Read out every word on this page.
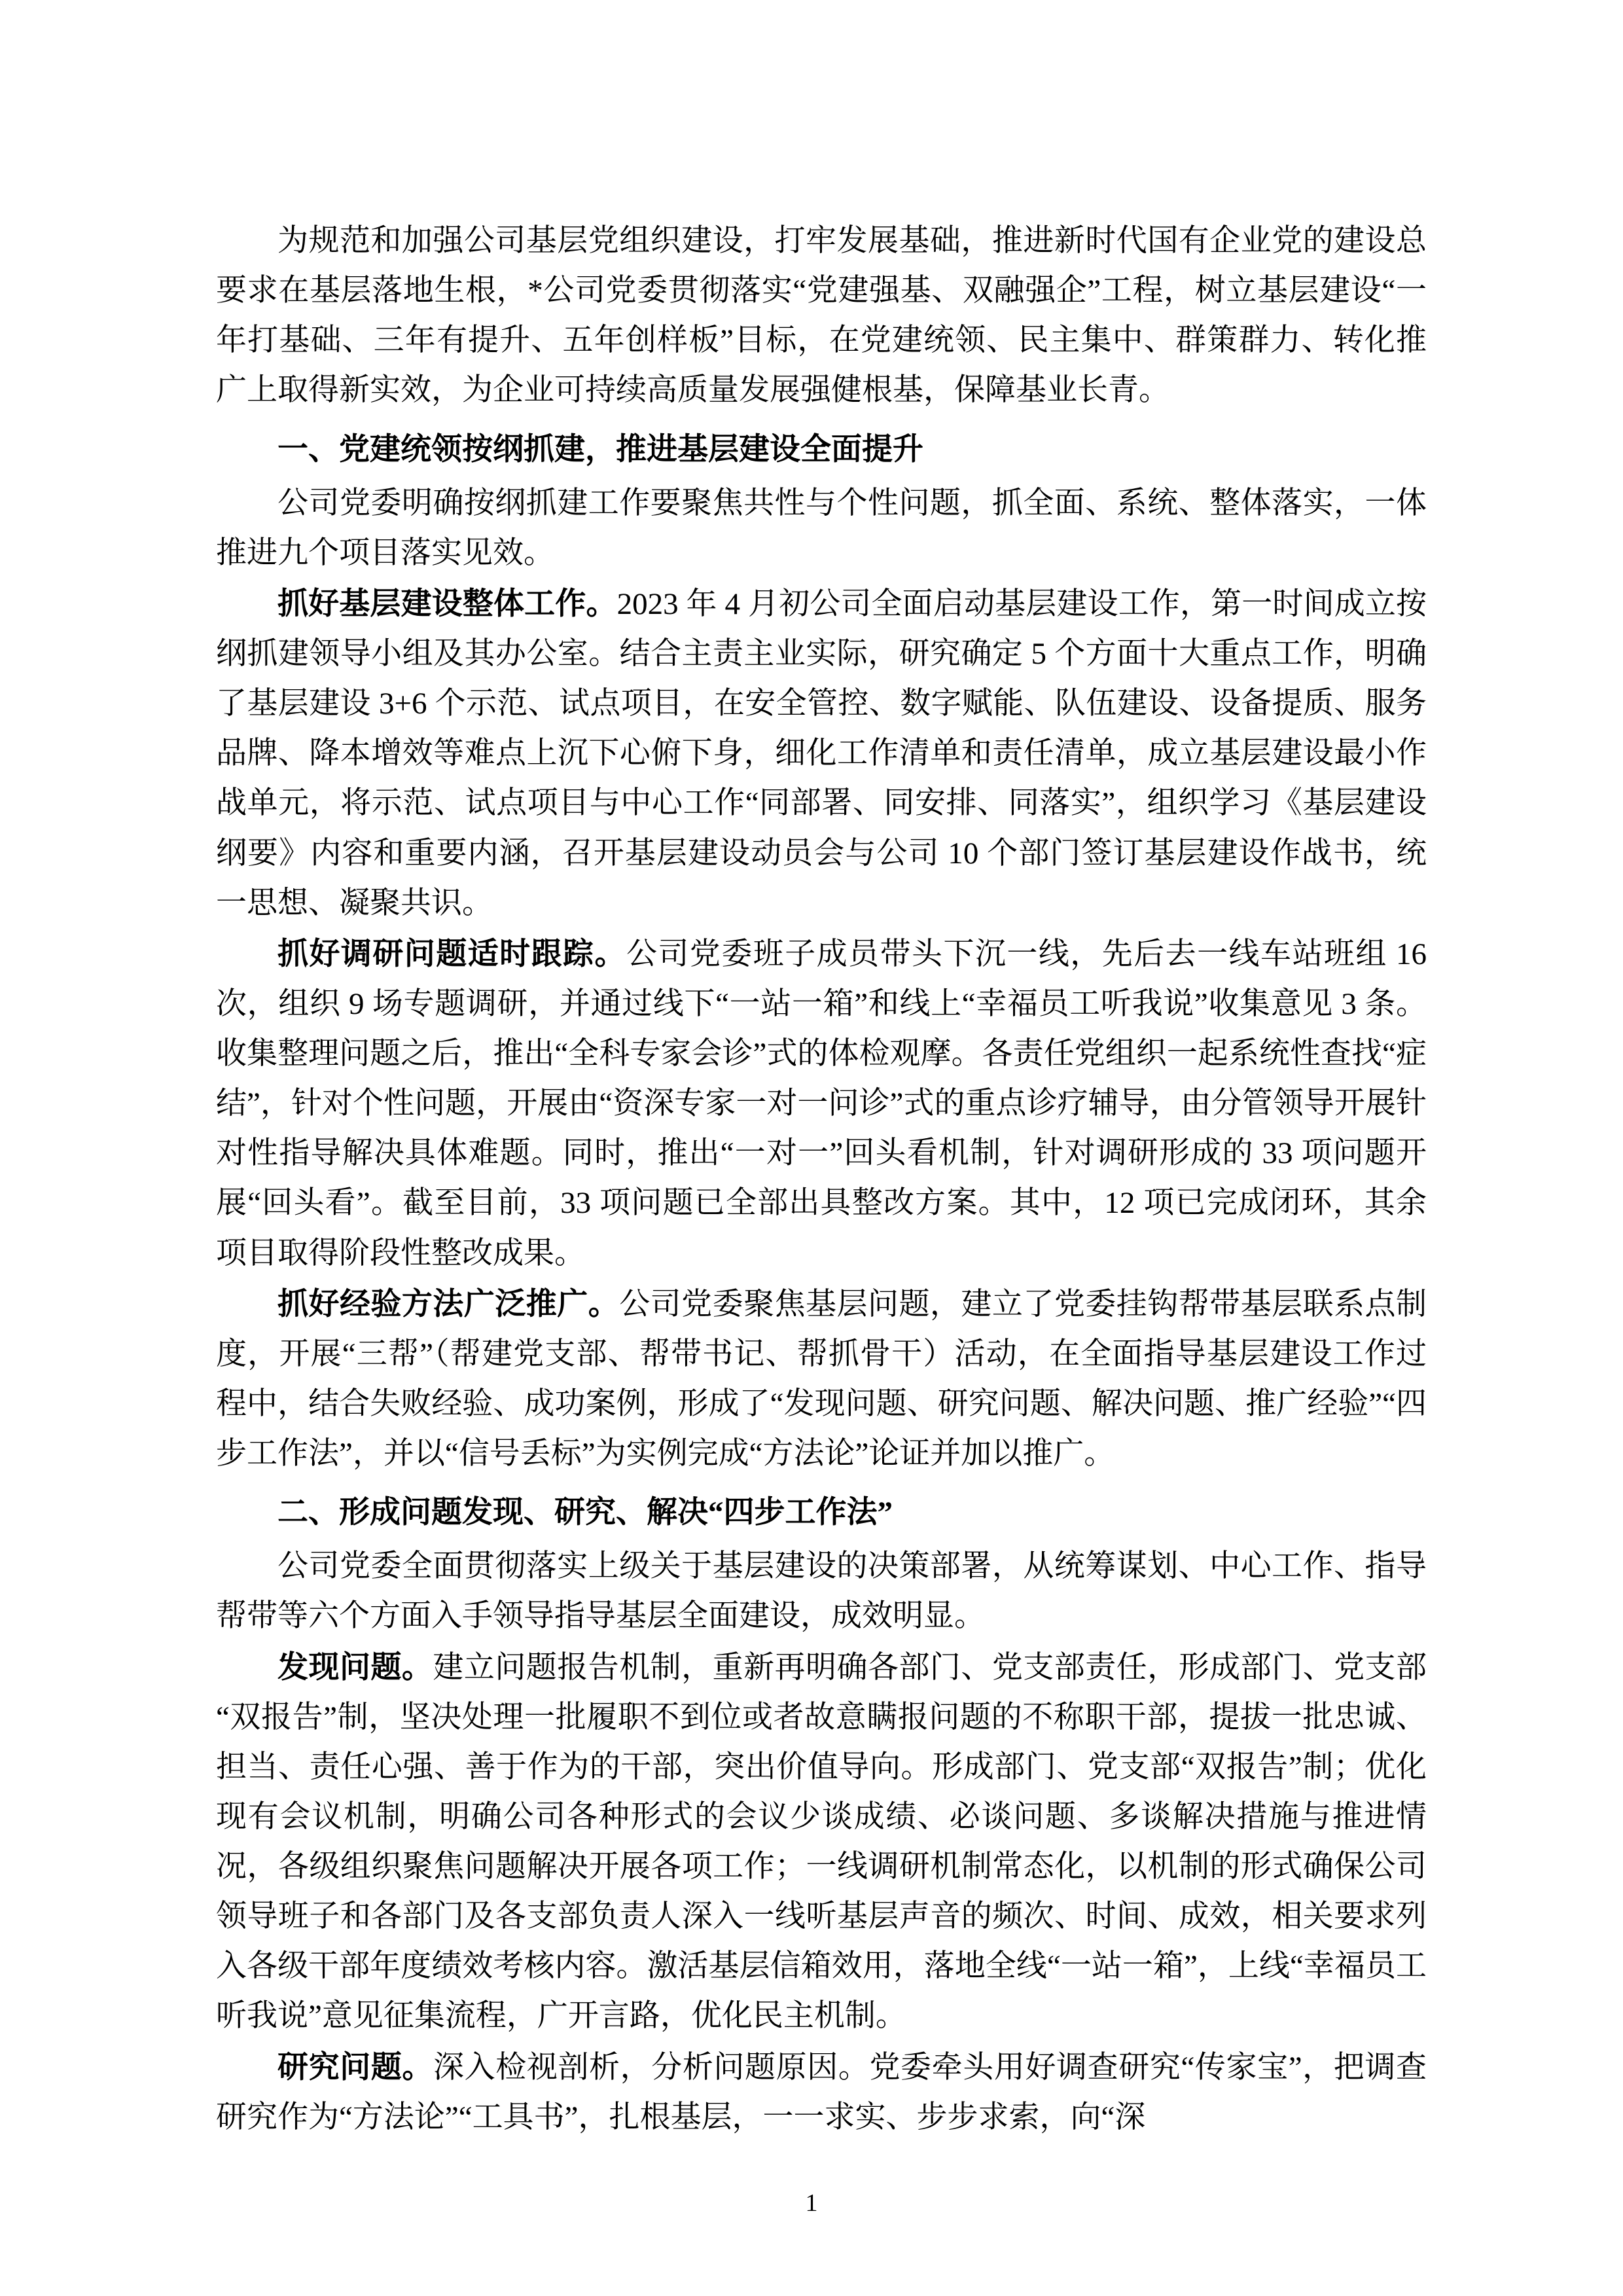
为规范和加强公司基层党组织建设，打牢发展基础，推进新时代国有企业党的建设总要求在基层落地生根，*公司党委贯彻落实“党建强基、双融强企”工程，树立基层建设“一年打基础、三年有提升、五年创样板”目标，在党建统领、民主集中、群策群力、转化推广上取得新实效，为企业可持续高质量发展强健根基，保障基业长青。

一、党建统领按纲抓建，推进基层建设全面提升

公司党委明确按纲抓建工作要聚焦共性与个性问题，抓全面、系统、整体落实，一体推进九个项目落实见效。

抓好基层建设整体工作。2023 年 4 月初公司全面启动基层建设工作，第一时间成立按纲抓建领导小组及其办公室。结合主责主业实际，研究确定 5 个方面十大重点工作，明确了基层建设 3+6 个示范、试点项目，在安全管控、数字赋能、队伍建设、设备提质、服务品牌、降本增效等难点上沉下心俯下身，细化工作清单和责任清单，成立基层建设最小作战单元，将示范、试点项目与中心工作“同部署、同安排、同落实”，组织学习《基层建设纲要》内容和重要内涵，召开基层建设动员会与公司 10 个部门签订基层建设作战书，统一思想、凝聚共识。

抓好调研问题适时跟踪。公司党委班子成员带头下沉一线，先后去一线车站班组 16 次，组织 9 场专题调研，并通过线下“一站一箱”和线上“幸福员工听我说”收集意见 3 条。收集整理问题之后，推出“全科专家会诊”式的体检观摩。各责任党组织一起系统性查找“症结”，针对个性问题，开展由“资深专家一对一问诊”式的重点诊疗辅导，由分管领导开展针对性指导解决具体难题。同时，推出“一对一”回头看机制，针对调研形成的 33 项问题开展“回头看”。截至目前，33 项问题已全部出具整改方案。其中，12 项已完成闭环，其余项目取得阶段性整改成果。

抓好经验方法广泛推广。公司党委聚焦基层问题，建立了党委挂钩帮带基层联系点制度，开展“三帮”（帮建党支部、帮带书记、帮抓骨干）活动，在全面指导基层建设工作过程中，结合失败经验、成功案例，形成了“发现问题、研究问题、解决问题、推广经验”“四步工作法”，并以“信号丢标”为实例完成“方法论”论证并加以推广。

二、形成问题发现、研究、解决“四步工作法”

公司党委全面贯彻落实上级关于基层建设的决策部署，从统筹谋划、中心工作、指导帮带等六个方面入手领导指导基层全面建设，成效明显。

发现问题。建立问题报告机制，重新再明确各部门、党支部责任，形成部门、党支部“双报告”制，坚决处理一批履职不到位或者故意瞒报问题的不称职干部，提拔一批忠诚、担当、责任心强、善于作为的干部，突出价值导向。形成部门、党支部“双报告”制；优化现有会议机制，明确公司各种形式的会议少谈成绩、必谈问题、多谈解决措施与推进情况，各级组织聚焦问题解决开展各项工作；一线调研机制常态化，以机制的形式确保公司领导班子和各部门及各支部负责人深入一线听基层声音的频次、时间、成效，相关要求列入各级干部年度绩效考核内容。激活基层信箱效用，落地全线“一站一箱”，上线“幸福员工听我说”意见征集流程，广开言路，优化民主机制。

研究问题。深入检视剖析，分析问题原因。党委牵头用好调查研究“传家宝”，把调查研究作为“方法论”“工具书”，扎根基层，一一求实、步步求索，向“深

1
